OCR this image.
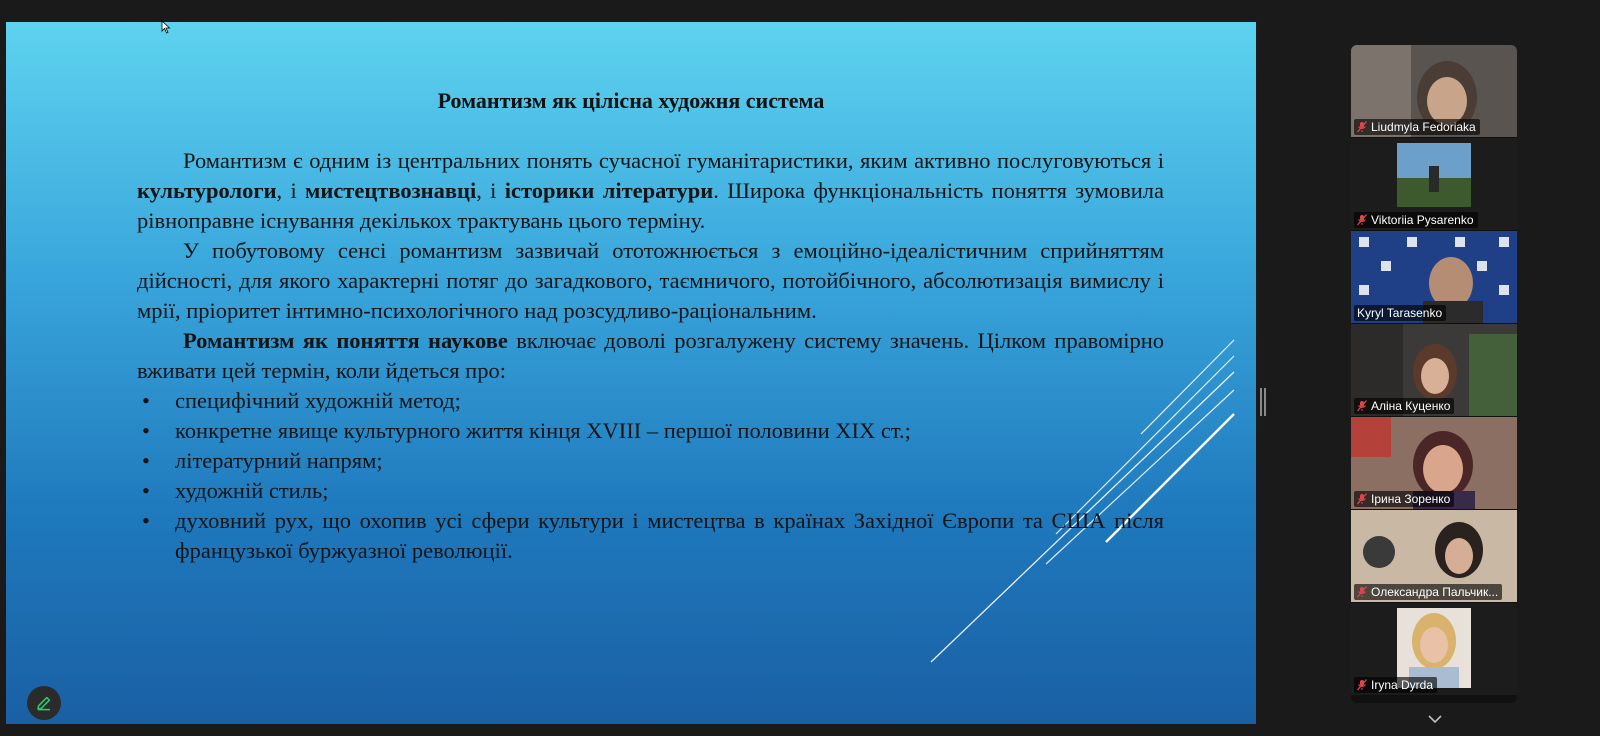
Романтизм як цілісна художня система

Романтизм є одним із центральних понять сучасної гуманітаристики, яким активно послуговуються і культурологи, і мистецтвознавці, і історики літератури. Широка функціональність поняття зумовила рівноправне існування декількох трактувань цього терміну.

У побутовому сенсі романтизм зазвичай ототожнюється з емоційно-ідеалістичним сприйняттям дійсності, для якого характерні потяг до загадкового, таємничого, потойбічного, абсолютизація вимислу і мрії, пріоритет інтимно-психологічного над розсудливо-раціональним.

Романтизм як поняття наукове включає доволі розгалужену систему значень. Цілком правомірно вживати цей термін, коли йдеться про:

• специфічний художній метод;
• конкретне явище культурного життя кінця XVIII – першої половини XIX ст.;
• літературний напрям;
• художній стиль;
• духовний рух, що охопив усі сфери культури і мистецтва в країнах Західної Європи та США після французької буржуазної революції.
Liudmyla Fedoriaka
Viktoriia Pysarenko
Kyryl Tarasenko
Аліна Куценко
Ірина Зоренко
Олександра Пальчик...
Iryna Dyrda
